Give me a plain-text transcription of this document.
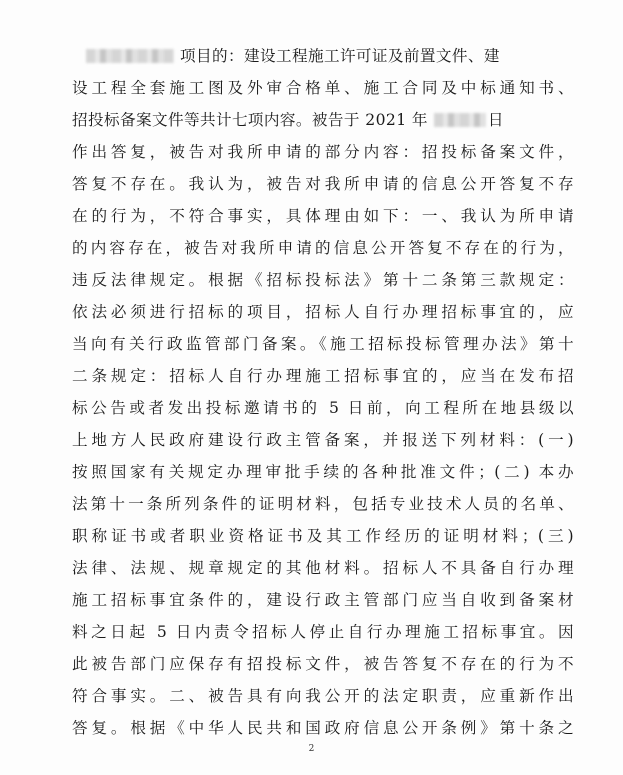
项目的：建设工程施工许可证及前置文件、建
设工程全套施工图及外审合格单、施工合同及中标通知书、
招投标备案文件等共计七项内容。被告于 2021 年	日
作出答复，被告对我所申请的部分内容：招投标备案文件，
答复不存在。我认为，被告对我所申请的信息公开答复不存
在的行为，不符合事实，具体理由如下：一、我认为所申请
的内容存在，被告对我所申请的信息公开答复不存在的行为，
违反法律规定。根据《招标投标法》第十二条第三款规定：
依法必须进行招标的项目，招标人自行办理招标事宜的，应
当向有关行政监管部门备案。《施工招标投标管理办法》第十
二条规定：招标人自行办理施工招标事宜的，应当在发布招
标公告或者发出投标邀请书的 5 日前，向工程所在地县级以
上地方人民政府建设行政主管备案，并报送下列材料：(一)
按照国家有关规定办理审批手续的各种批准文件；(二) 本办
法第十一条所列条件的证明材料，包括专业技术人员的名单、
职称证书或者职业资格证书及其工作经历的证明材料；(三)
法律、法规、规章规定的其他材料。招标人不具备自行办理
施工招标事宜条件的，建设行政主管部门应当自收到备案材
料之日起 5 日内责令招标人停止自行办理施工招标事宜。因
此被告部门应保存有招投标文件，被告答复不存在的行为不
符合事实。二、被告具有向我公开的法定职责，应重新作出
答复。根据《中华人民共和国政府信息公开条例》第十条之
2
